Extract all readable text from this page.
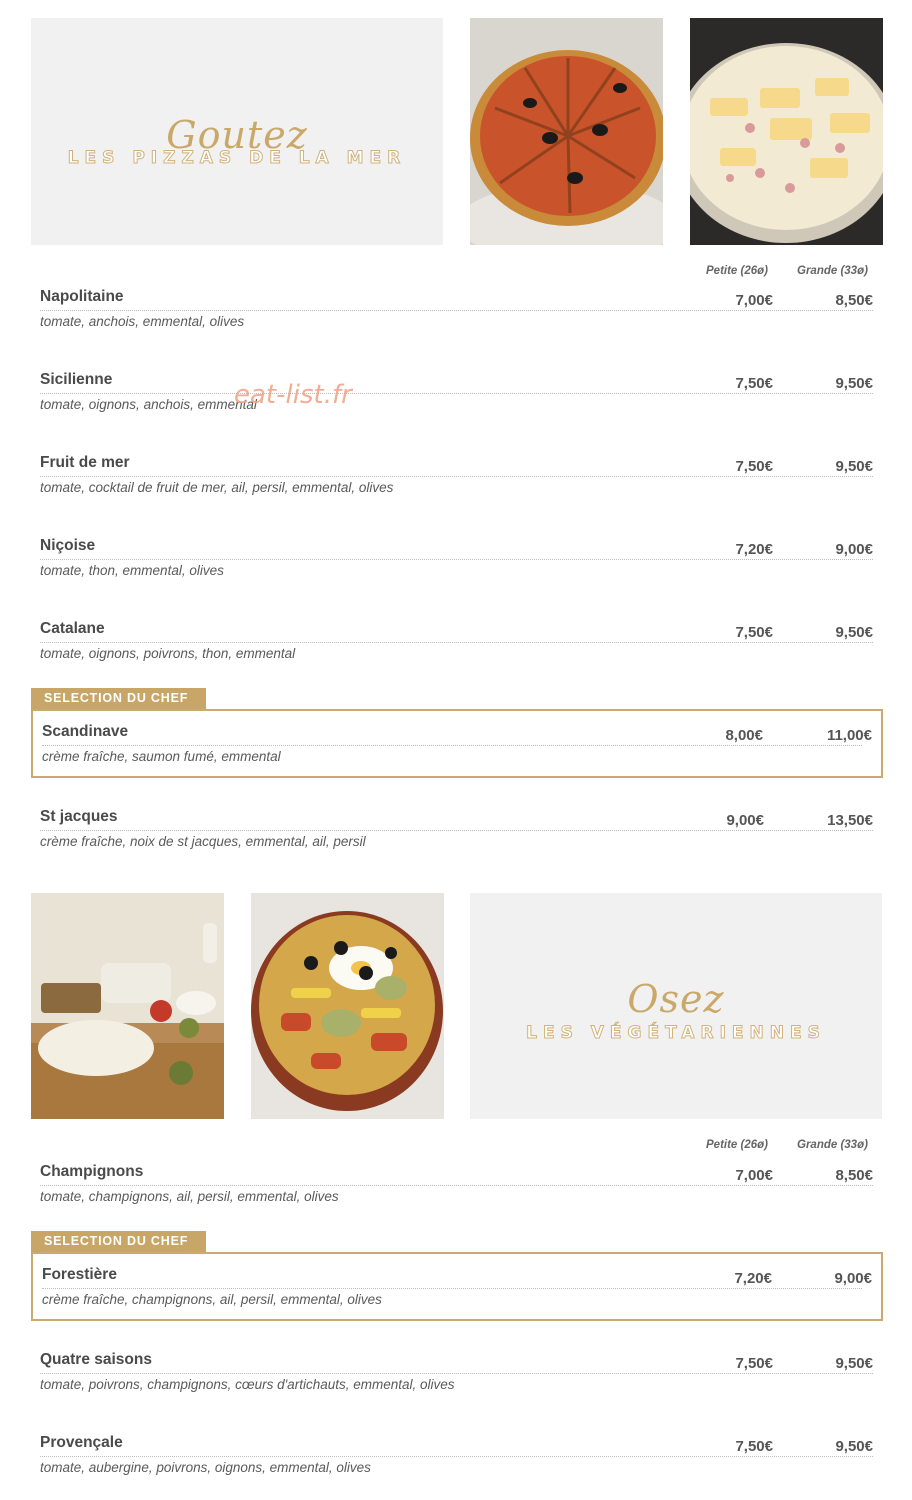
Goutez
LES PIZZAS DE LA MER
Petite (26ø)	Grande (33ø)
Napolitaine
tomate, anchois, emmental, olives
7,00€	8,50€
Sicilienne
tomate, oignons, anchois, emmental
7,50€	9,50€
Fruit de mer
tomate, cocktail de fruit de mer, ail, persil, emmental, olives
7,50€	9,50€
Niçoise
tomate, thon, emmental, olives
7,20€	9,00€
Catalane
tomate, oignons, poivrons, thon, emmental
7,50€	9,50€
SELECTION DU CHEF
Scandinave
crème fraîche, saumon fumé, emmental
8,00€	11,00€
St jacques
crème fraîche, noix de st jacques, emmental, ail, persil
9,00€	13,50€
eat-list.fr
Osez
LES VÉGÉTARIENNES
Petite (26ø)	Grande (33ø)
Champignons
tomate, champignons, ail, persil, emmental, olives
7,00€	8,50€
SELECTION DU CHEF
Forestière
crème fraîche, champignons, ail, persil, emmental, olives
7,20€	9,00€
Quatre saisons
tomate, poivrons, champignons, cœurs d'artichauts, emmental, olives
7,50€	9,50€
Provençale
tomate, aubergine, poivrons, oignons, emmental, olives
7,50€	9,50€
